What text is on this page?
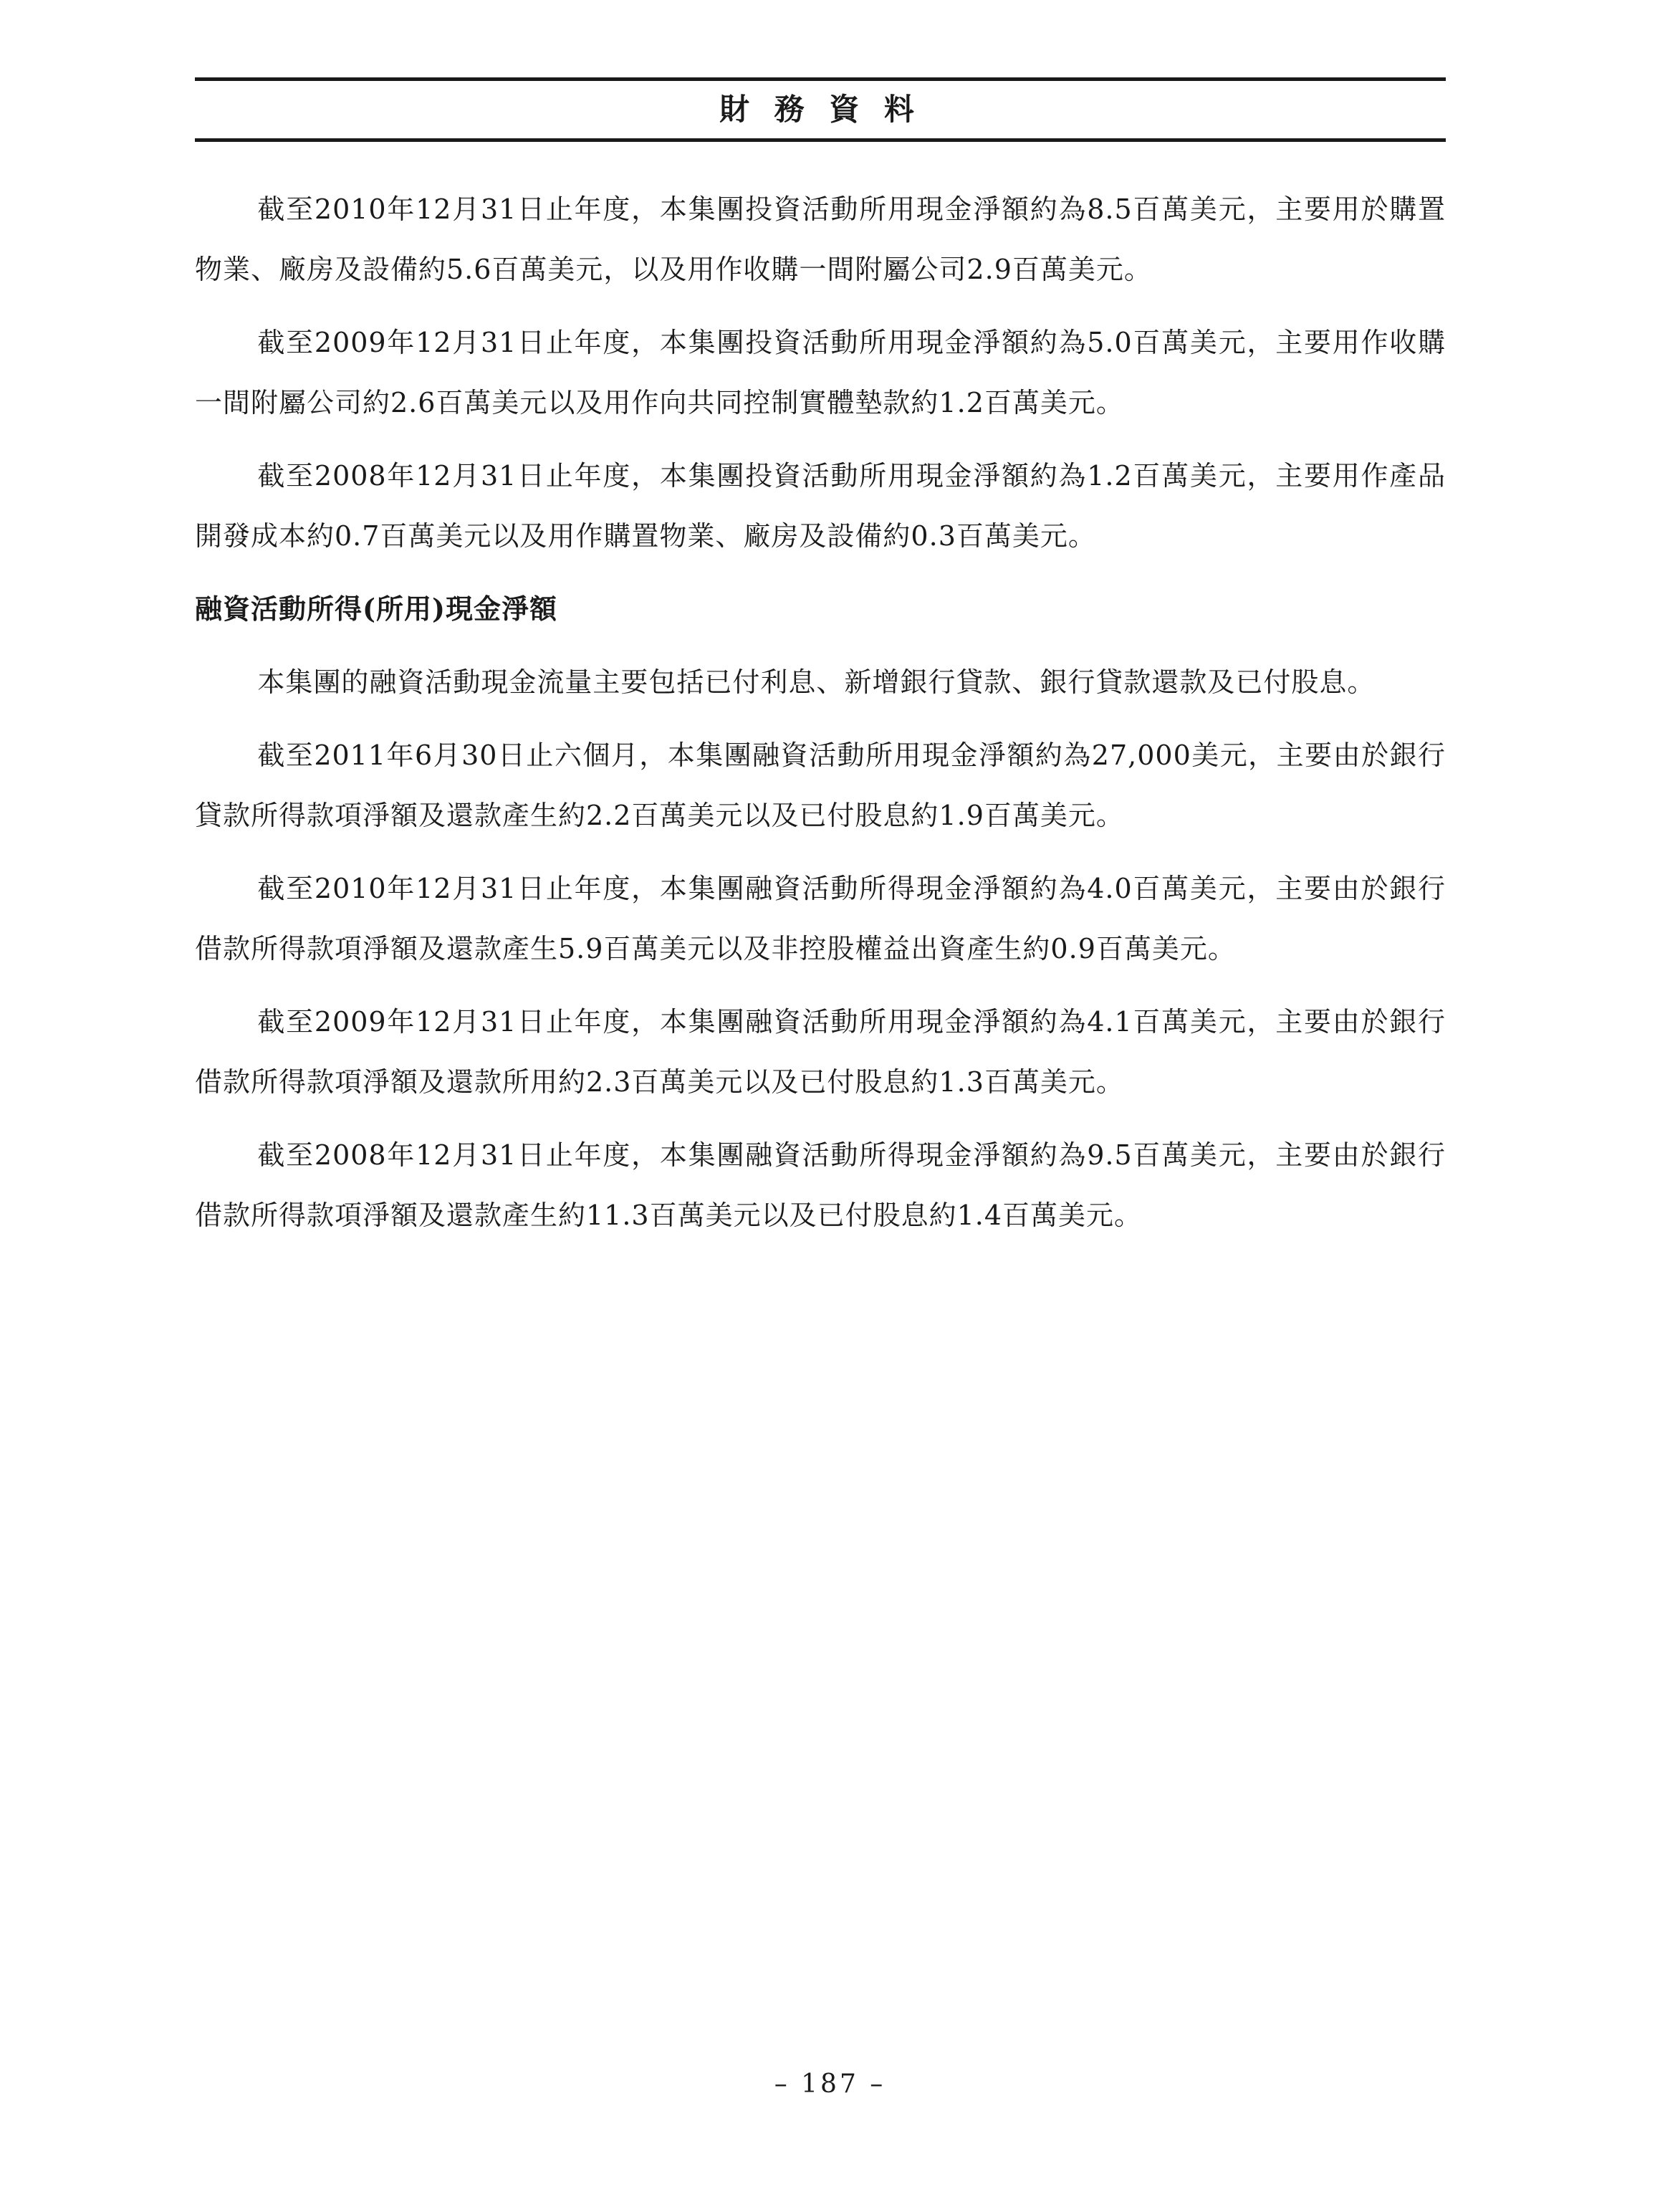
財 務 資 料

截至2010年12月31日止年度，本集團投資活動所用現金淨額約為8.5百萬美元，主要用於購置物業、廠房及設備約5.6百萬美元，以及用作收購一間附屬公司2.9百萬美元。

截至2009年12月31日止年度，本集團投資活動所用現金淨額約為5.0百萬美元，主要用作收購一間附屬公司約2.6百萬美元以及用作向共同控制實體墊款約1.2百萬美元。

截至2008年12月31日止年度，本集團投資活動所用現金淨額約為1.2百萬美元，主要用作產品開發成本約0.7百萬美元以及用作購置物業、廠房及設備約0.3百萬美元。

融資活動所得(所用)現金淨額

本集團的融資活動現金流量主要包括已付利息、新增銀行貸款、銀行貸款還款及已付股息。

截至2011年6月30日止六個月，本集團融資活動所用現金淨額約為27,000美元，主要由於銀行貸款所得款項淨額及還款產生約2.2百萬美元以及已付股息約1.9百萬美元。

截至2010年12月31日止年度，本集團融資活動所得現金淨額約為4.0百萬美元，主要由於銀行借款所得款項淨額及還款產生5.9百萬美元以及非控股權益出資產生約0.9百萬美元。

截至2009年12月31日止年度，本集團融資活動所用現金淨額約為4.1百萬美元，主要由於銀行借款所得款項淨額及還款所用約2.3百萬美元以及已付股息約1.3百萬美元。

截至2008年12月31日止年度，本集團融資活動所得現金淨額約為9.5百萬美元，主要由於銀行借款所得款項淨額及還款產生約11.3百萬美元以及已付股息約1.4百萬美元。

– 187 –
